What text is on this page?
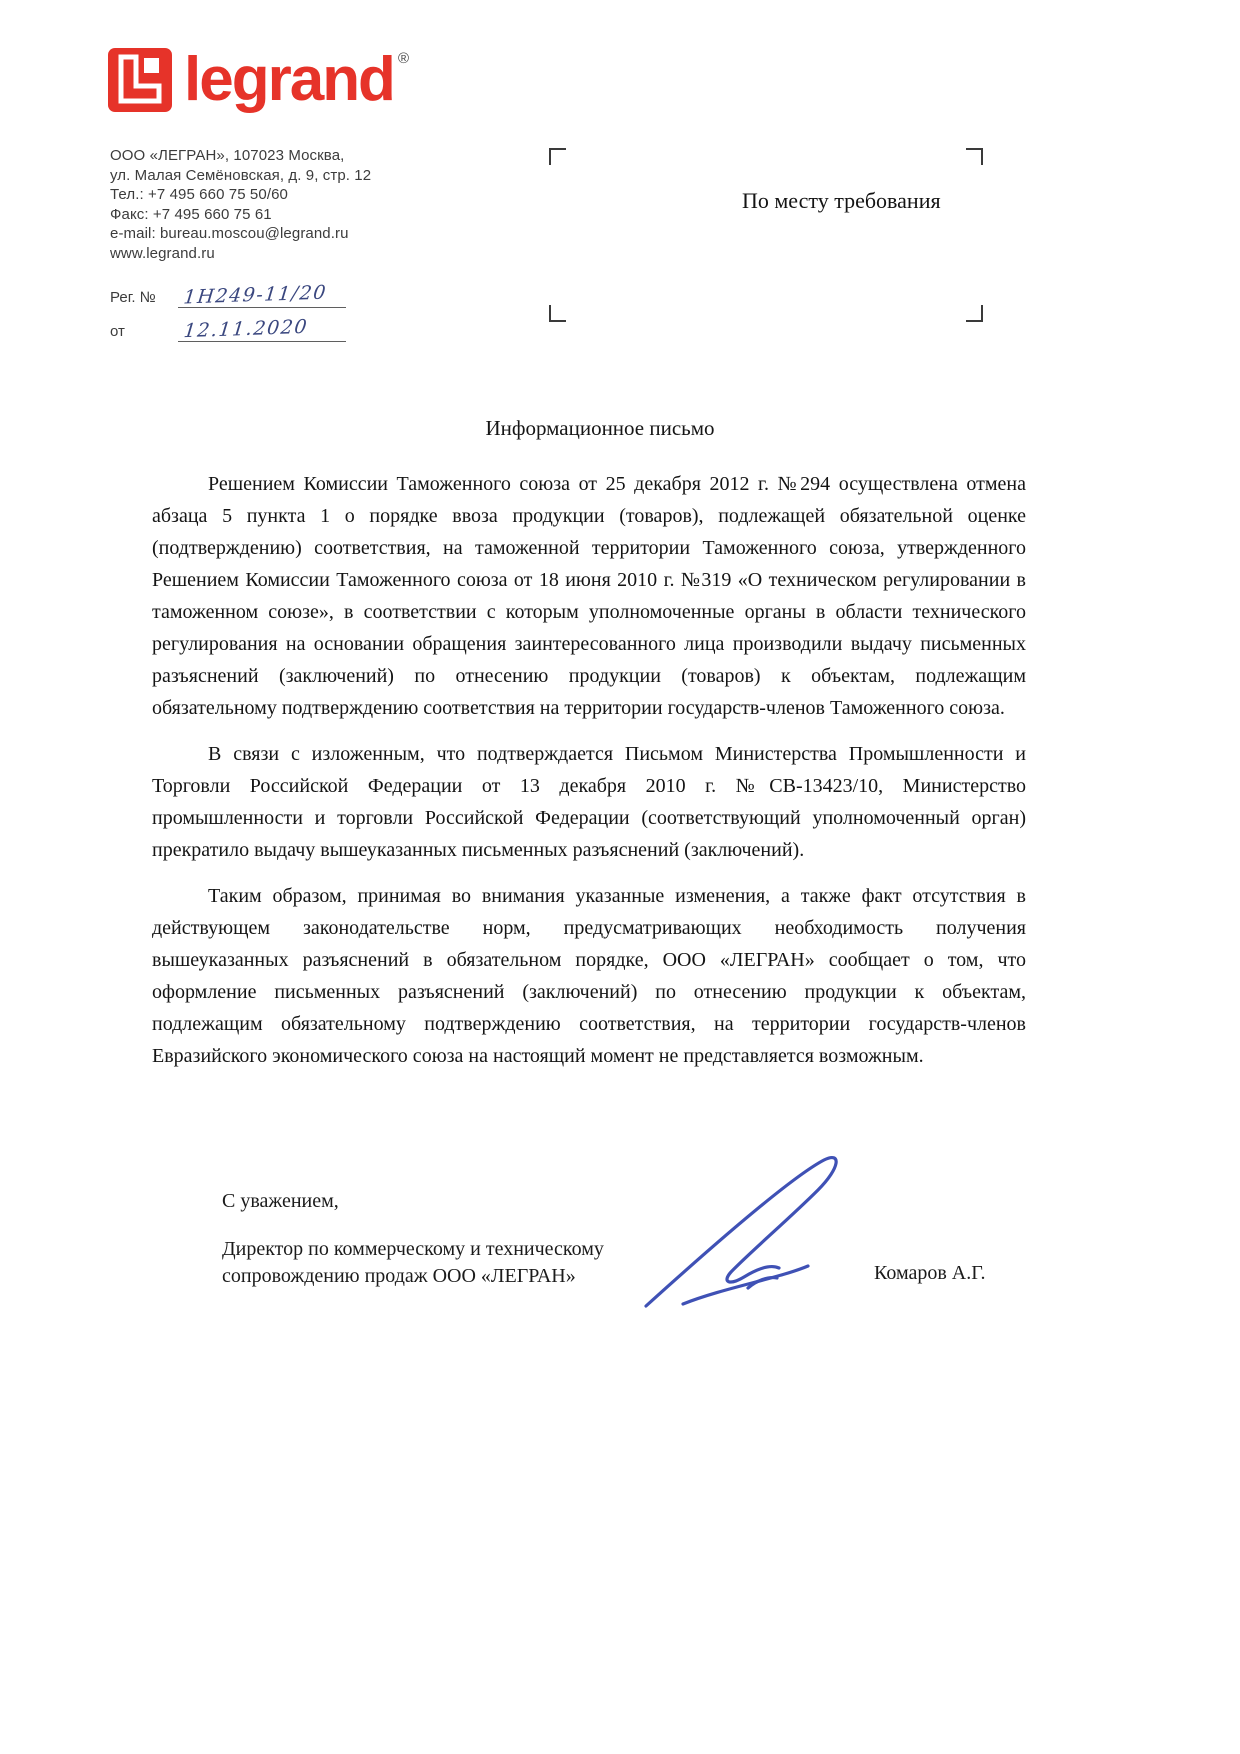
legrand ®
ООО «ЛЕГРАН», 107023 Москва,
ул. Малая Семёновская, д. 9, стр. 12
Тел.: +7 495 660 75 50/60
Факс: +7 495 660 75 61
e-mail: bureau.moscou@legrand.ru
www.legrand.ru
По месту требования
Рег. №	1Н249-11/20
от	12.11.2020
Информационное письмо

Решением Комиссии Таможенного союза от 25 декабря 2012 г. №294 осуществлена отмена абзаца 5 пункта 1 о порядке ввоза продукции (товаров), подлежащей обязательной оценке (подтверждению) соответствия, на таможенной территории Таможенного союза, утвержденного Решением Комиссии Таможенного союза от 18 июня 2010 г. №319 «О техническом регулировании в таможенном союзе», в соответствии с которым уполномоченные органы в области технического регулирования на основании обращения заинтересованного лица производили выдачу письменных разъяснений (заключений) по отнесению продукции (товаров) к объектам, подлежащим обязательному подтверждению соответствия на территории государств-членов Таможенного союза.

В связи с изложенным, что подтверждается Письмом Министерства Промышленности и Торговли Российской Федерации от 13 декабря 2010 г. №СВ-13423/10, Министерство промышленности и торговли Российской Федерации (соответствующий уполномоченный орган) прекратило выдачу вышеуказанных письменных разъяснений (заключений).

Таким образом, принимая во внимания указанные изменения, а также факт отсутствия в действующем законодательстве норм, предусматривающих необходимость получения вышеуказанных разъяснений в обязательном порядке, ООО «ЛЕГРАН» сообщает о том, что оформление письменных разъяснений (заключений) по отнесению продукции к объектам, подлежащим обязательному подтверждению соответствия, на территории государств-членов Евразийского экономического союза на настоящий момент не представляется возможным.

С уважением,
Директор по коммерческому и техническому сопровождению продаж ООО «ЛЕГРАН»	Комаров А.Г.
